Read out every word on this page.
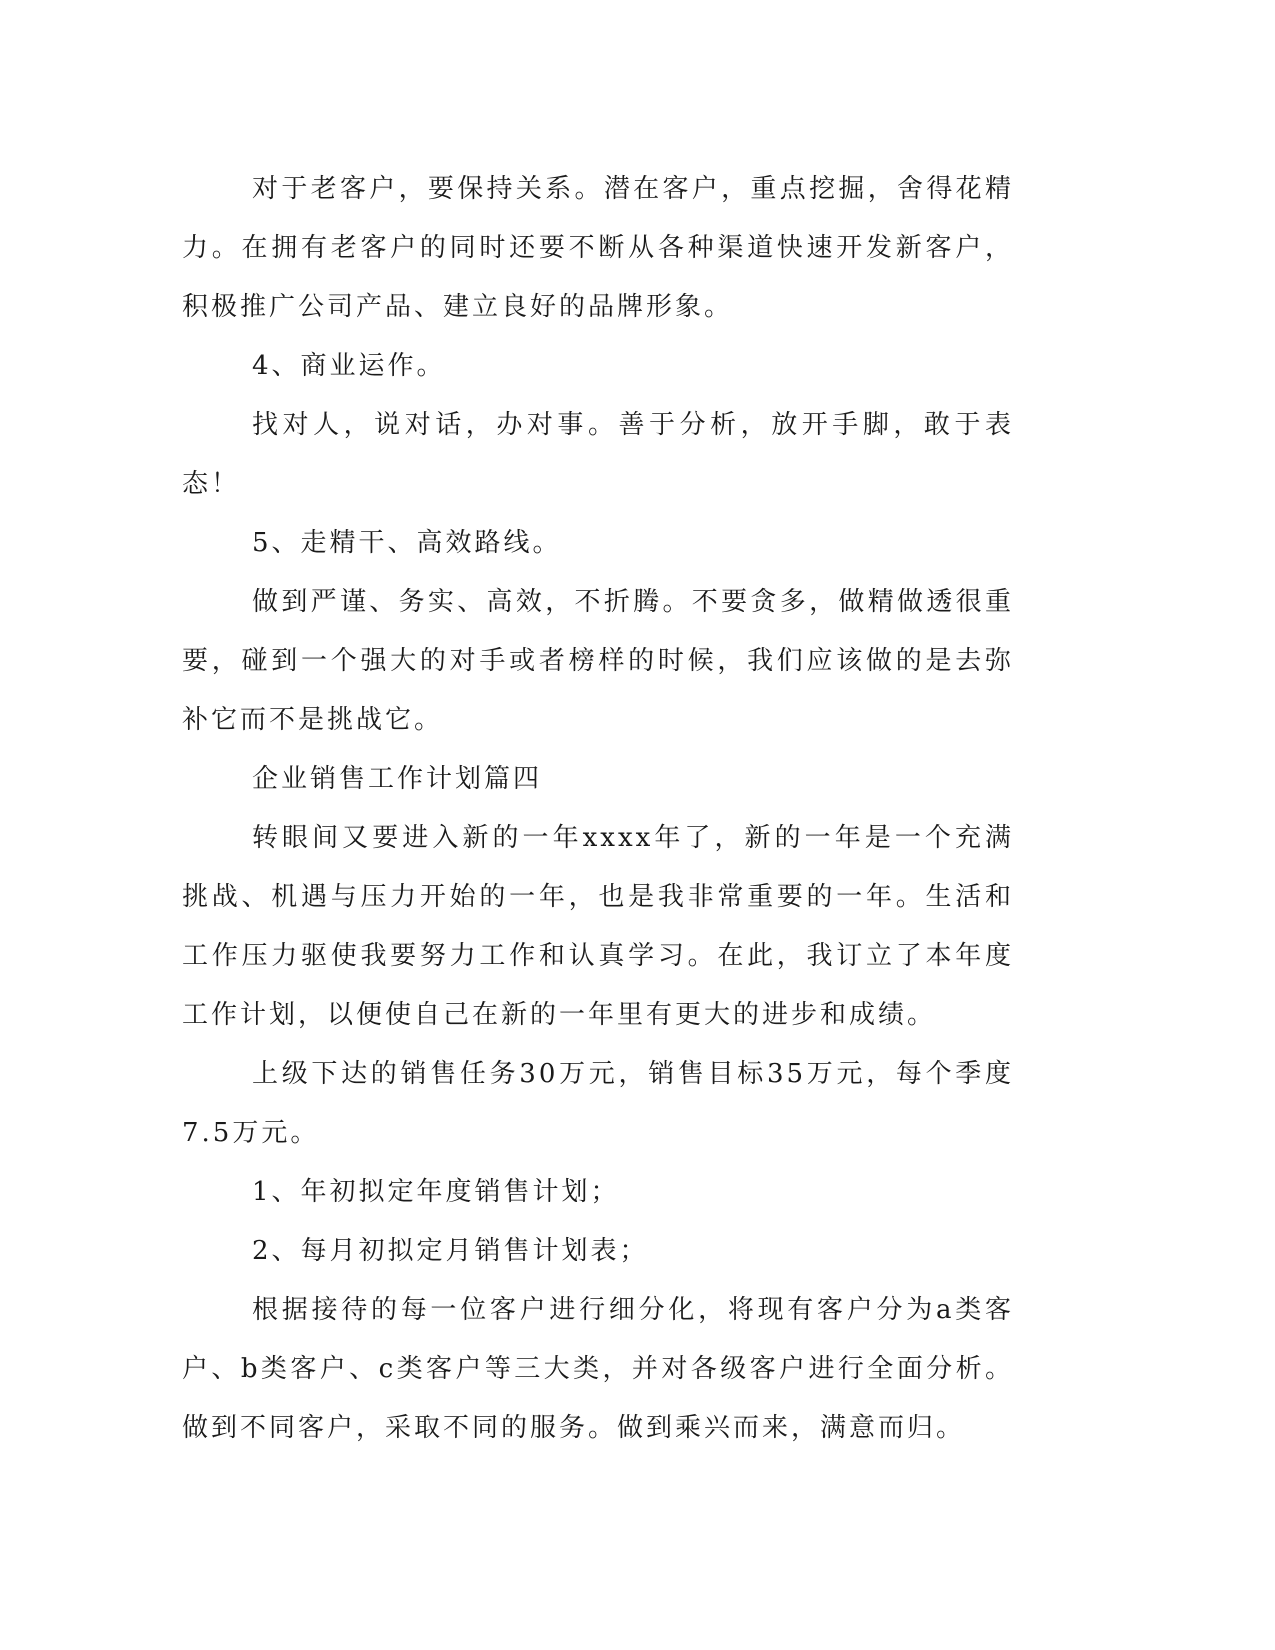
对于老客户，要保持关系。潜在客户，重点挖掘，舍得花精力。在拥有老客户的同时还要不断从各种渠道快速开发新客户，积极推广公司产品、建立良好的品牌形象。

4、商业运作。

找对人，说对话，办对事。善于分析，放开手脚，敢于表态！

5、走精干、高效路线。

做到严谨、务实、高效，不折腾。不要贪多，做精做透很重要，碰到一个强大的对手或者榜样的时候，我们应该做的是去弥补它而不是挑战它。

企业销售工作计划篇四

转眼间又要进入新的一年xxxx年了，新的一年是一个充满挑战、机遇与压力开始的一年，也是我非常重要的一年。生活和工作压力驱使我要努力工作和认真学习。在此，我订立了本年度工作计划，以便使自己在新的一年里有更大的进步和成绩。

上级下达的销售任务30万元，销售目标35万元，每个季度7.5万元。

1、年初拟定年度销售计划；

2、每月初拟定月销售计划表；

根据接待的每一位客户进行细分化，将现有客户分为a类客户、b类客户、c类客户等三大类，并对各级客户进行全面分析。做到不同客户，采取不同的服务。做到乘兴而来，满意而归。
